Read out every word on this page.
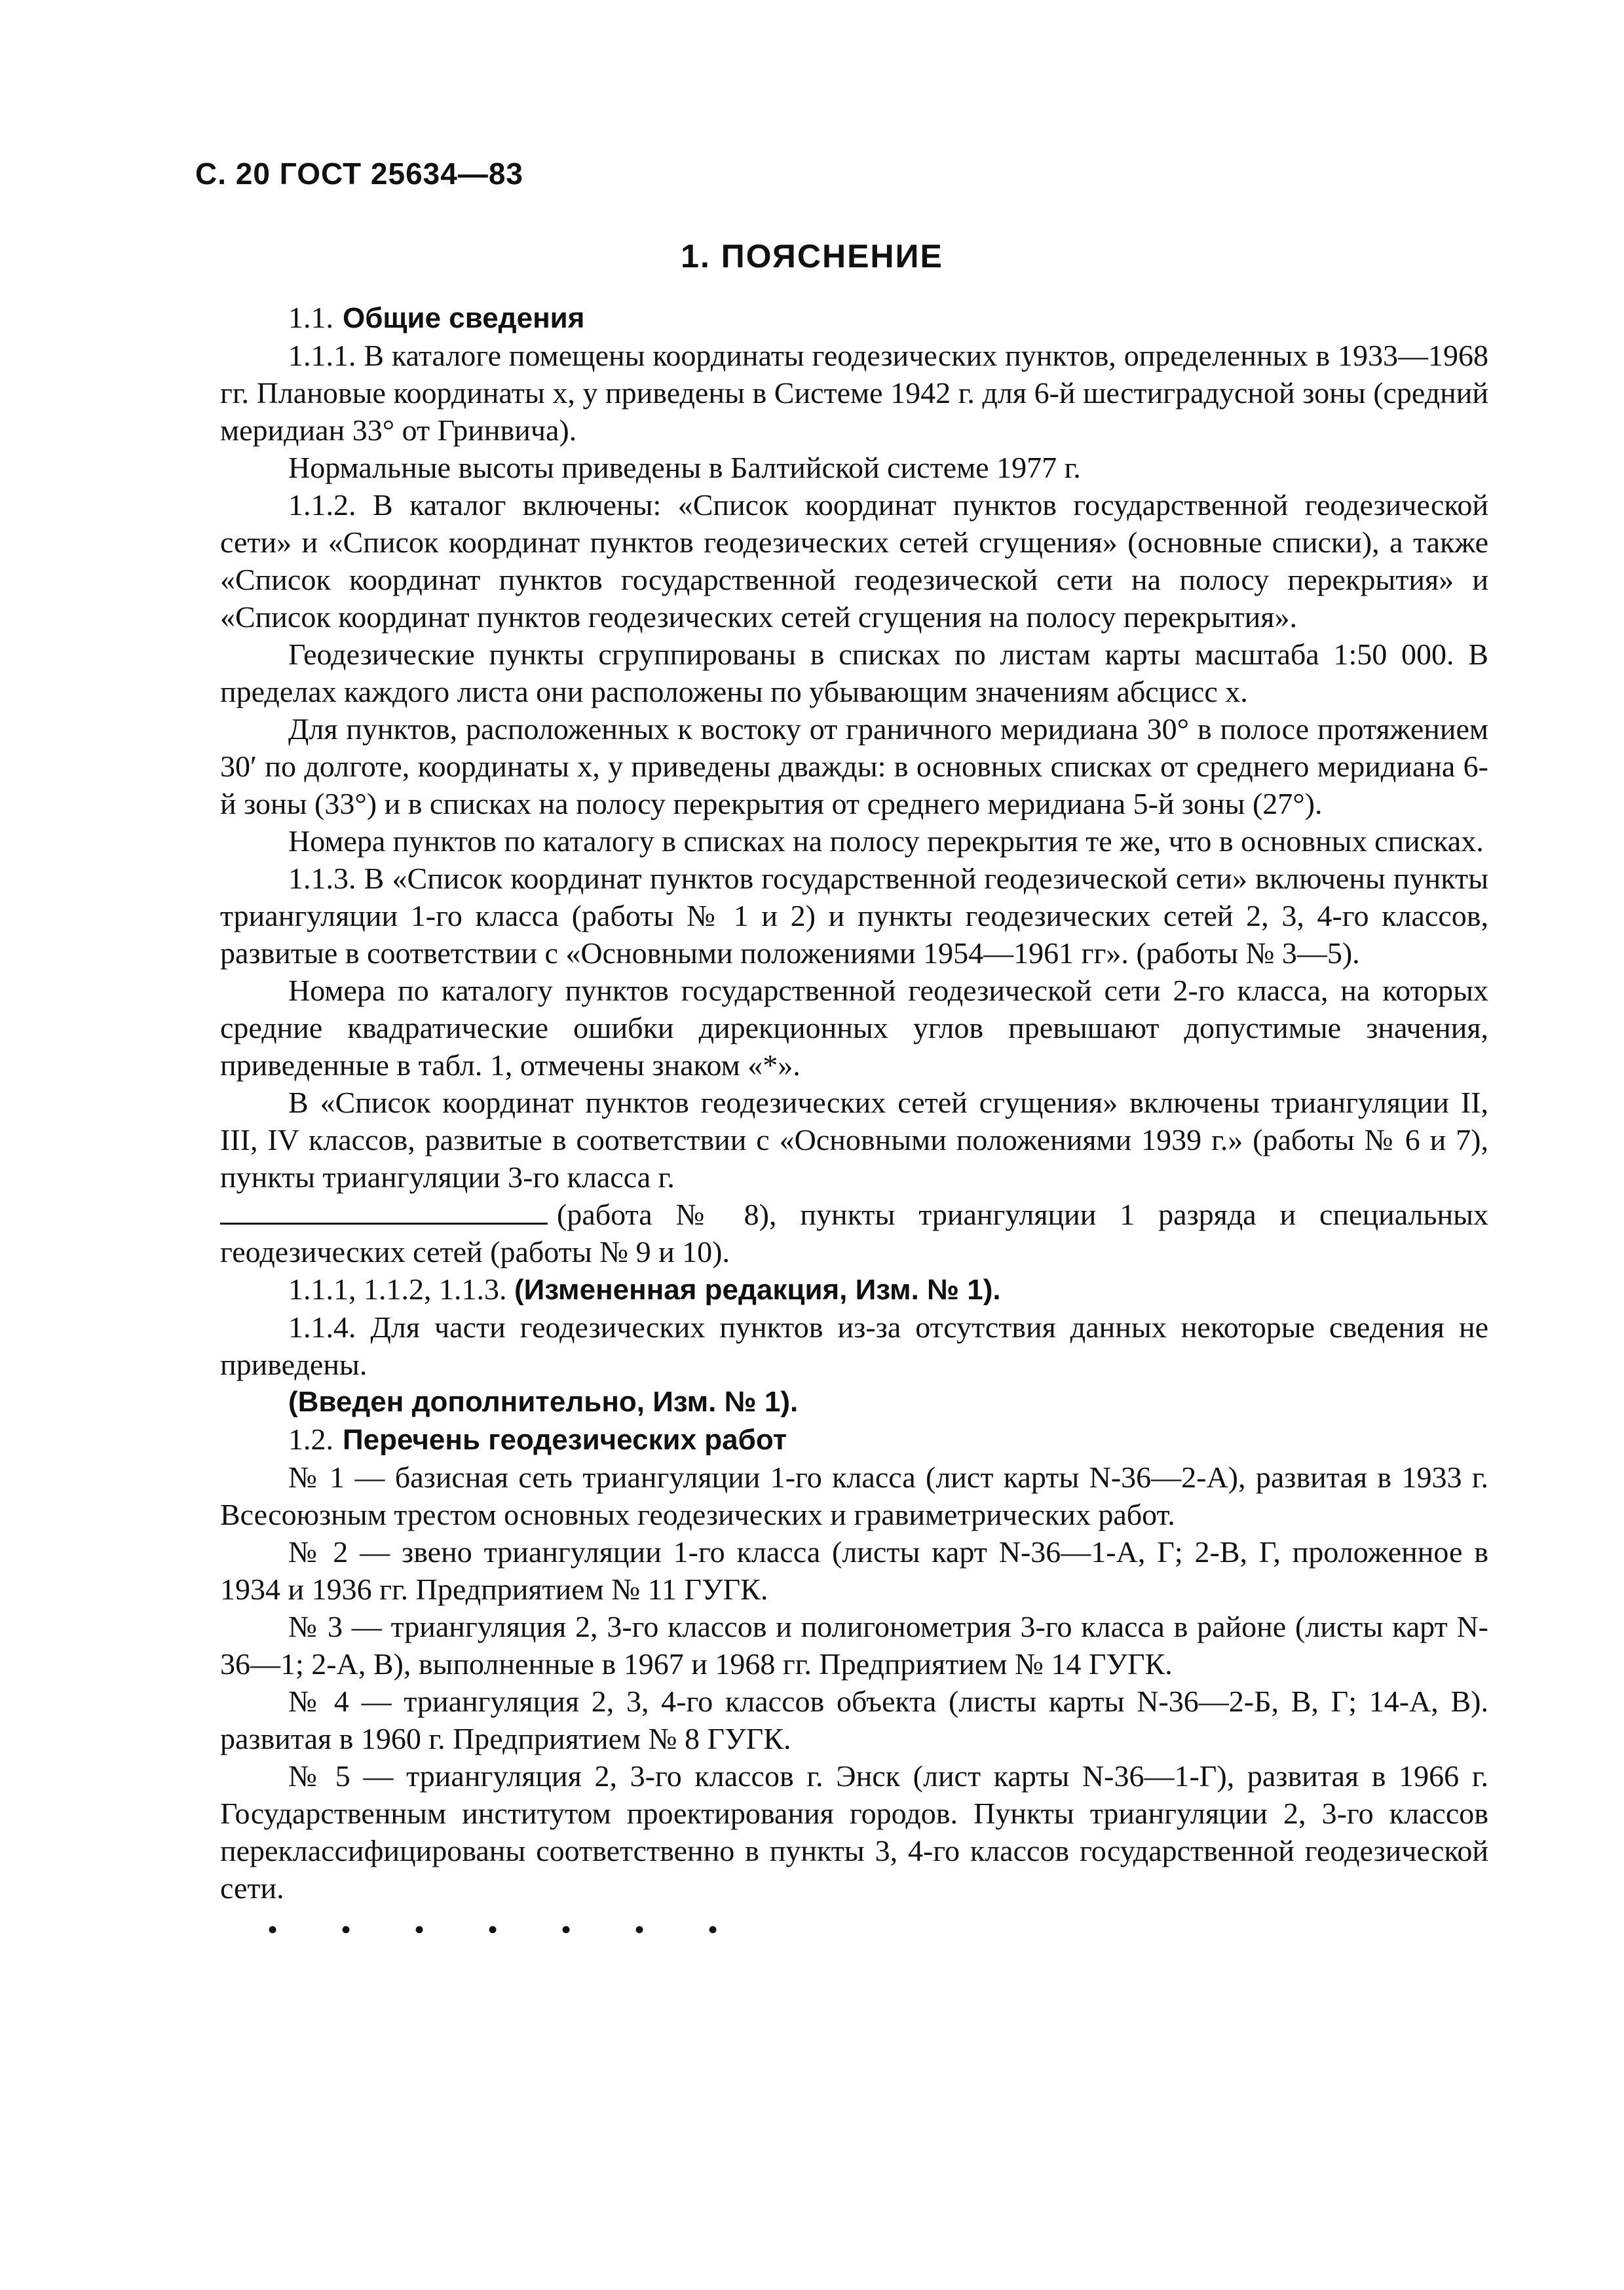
С. 20 ГОСТ 25634—83
1. ПОЯСНЕНИЕ

1.1. Общие сведения

1.1.1. В каталоге помещены координаты геодезических пунктов, определенных в 1933—1968 гг. Плановые координаты x, y приведены в Системе 1942 г. для 6-й шестиградусной зоны (средний меридиан 33° от Гринвича).

Нормальные высоты приведены в Балтийской системе 1977 г.

1.1.2. В каталог включены: «Список координат пунктов государственной геодезической сети» и «Список координат пунктов геодезических сетей сгущения» (основные списки), а также «Список координат пунктов государственной геодезической сети на полосу перекрытия» и «Список координат пунктов геодезических сетей сгущения на полосу перекрытия».

Геодезические пункты сгруппированы в списках по листам карты масштаба 1:50 000. В пределах каждого листа они расположены по убывающим значениям абсцисс x.

Для пунктов, расположенных к востоку от граничного меридиана 30° в полосе протяжением 30′ по долготе, координаты x, y приведены дважды: в основных списках от среднего меридиана 6-й зоны (33°) и в списках на полосу перекрытия от среднего меридиана 5-й зоны (27°).

Номера пунктов по каталогу в списках на полосу перекрытия те же, что в основных списках.

1.1.3. В «Список координат пунктов государственной геодезической сети» включены пункты триангуляции 1-го класса (работы № 1 и 2) и пункты геодезических сетей 2, 3, 4-го классов, развитые в соответствии с «Основными положениями 1954—1961 гг». (работы № 3—5).

Номера по каталогу пунктов государственной геодезической сети 2-го класса, на которых средние квадратические ошибки дирекционных углов превышают допустимые значения, приведенные в табл. 1, отмечены знаком «*».

В «Список координат пунктов геодезических сетей сгущения» включены триангуляции II, III, IV классов, развитые в соответствии с «Основными положениями 1939 г.» (работы № 6 и 7), пункты триангуляции 3-го класса г.

(работа № 8), пункты триангуляции 1 разряда и специальных геодезических сетей (работы № 9 и 10).

1.1.1, 1.1.2, 1.1.3. (Измененная редакция, Изм. № 1).

1.1.4. Для части геодезических пунктов из-за отсутствия данных некоторые сведения не приведены.

(Введен дополнительно, Изм. № 1).

1.2. Перечень геодезических работ

№ 1 — базисная сеть триангуляции 1-го класса (лист карты N-36—2-А), развитая в 1933 г. Всесоюзным трестом основных геодезических и гравиметрических работ.

№ 2 — звено триангуляции 1-го класса (листы карт N-36—1-А, Г; 2-В, Г, проложенное в 1934 и 1936 гг. Предприятием № 11 ГУГК.

№ 3 — триангуляция 2, 3-го классов и полигонометрия 3-го класса в районе (листы карт N-36—1; 2-А, В), выполненные в 1967 и 1968 гг. Предприятием № 14 ГУГК.

№ 4 — триангуляция 2, 3, 4-го классов объекта (листы карты N-36—2-Б, В, Г; 14-А, В). развитая в 1960 г. Предприятием № 8 ГУГК.

№ 5 — триангуляция 2, 3-го классов г. Энск (лист карты N-36—1-Г), развитая в 1966 г. Государственным институтом проектирования городов. Пункты триангуляции 2, 3-го классов переклассифицированы соответственно в пункты 3, 4-го классов государственной геодезической сети.

• • • • • • •
